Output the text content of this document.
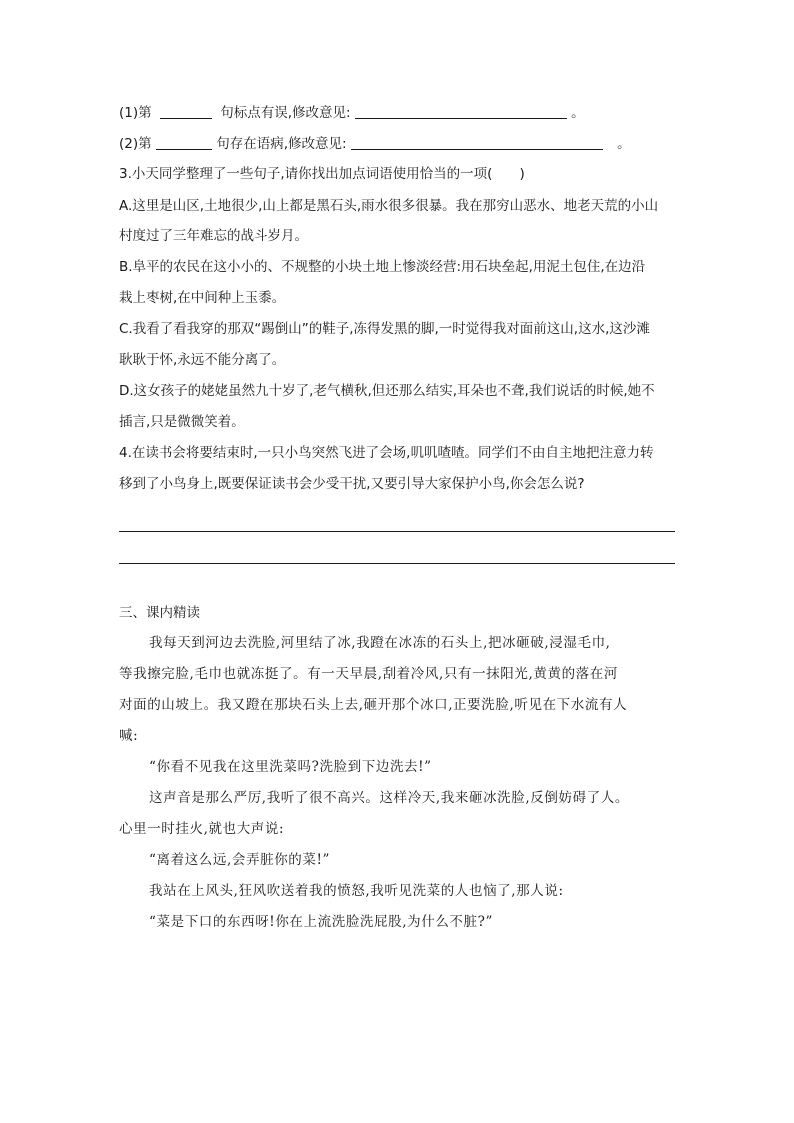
(1)第	句标点有误,修改意见:	。
(2)第	句存在语病,修改意见:	。
3.小天同学整理了一些句子,请你找出加点词语使用恰当的一项(　　)
A.这里是山区,土地很少,山上都是黑石头,雨水很多很暴。我在那穷山恶水、地老天荒的小山
村度过了三年难忘的战斗岁月。
B.阜平的农民在这小小的、不规整的小块土地上惨淡经营:用石块垒起,用泥土包住,在边沿
栽上枣树,在中间种上玉黍。
C.我看了看我穿的那双“踢倒山”的鞋子,冻得发黑的脚,一时觉得我对面前这山,这水,这沙滩
耿耿于怀,永远不能分离了。
D.这女孩子的姥姥虽然九十岁了,老气横秋,但还那么结实,耳朵也不聋,我们说话的时候,她不
插言,只是微微笑着。
4.在读书会将要结束时,一只小鸟突然飞进了会场,叽叽喳喳。同学们不由自主地把注意力转
移到了小鸟身上,既要保证读书会少受干扰,又要引导大家保护小鸟,你会怎么说?
三、课内精读
我每天到河边去洗脸,河里结了冰,我蹬在冰冻的石头上,把冰砸破,浸湿毛巾,
等我擦完脸,毛巾也就冻挺了。有一天早晨,刮着冷风,只有一抹阳光,黄黄的落在河
对面的山坡上。我又蹬在那块石头上去,砸开那个冰口,正要洗脸,听见在下水流有人
喊:
“你看不见我在这里洗菜吗?洗脸到下边洗去!”
这声音是那么严厉,我听了很不高兴。这样冷天,我来砸冰洗脸,反倒妨碍了人。
心里一时挂火,就也大声说:
“离着这么远,会弄脏你的菜!”
我站在上风头,狂风吹送着我的愤怒,我听见洗菜的人也恼了,那人说:
“菜是下口的东西呀!你在上流洗脸洗屁股,为什么不脏?”
